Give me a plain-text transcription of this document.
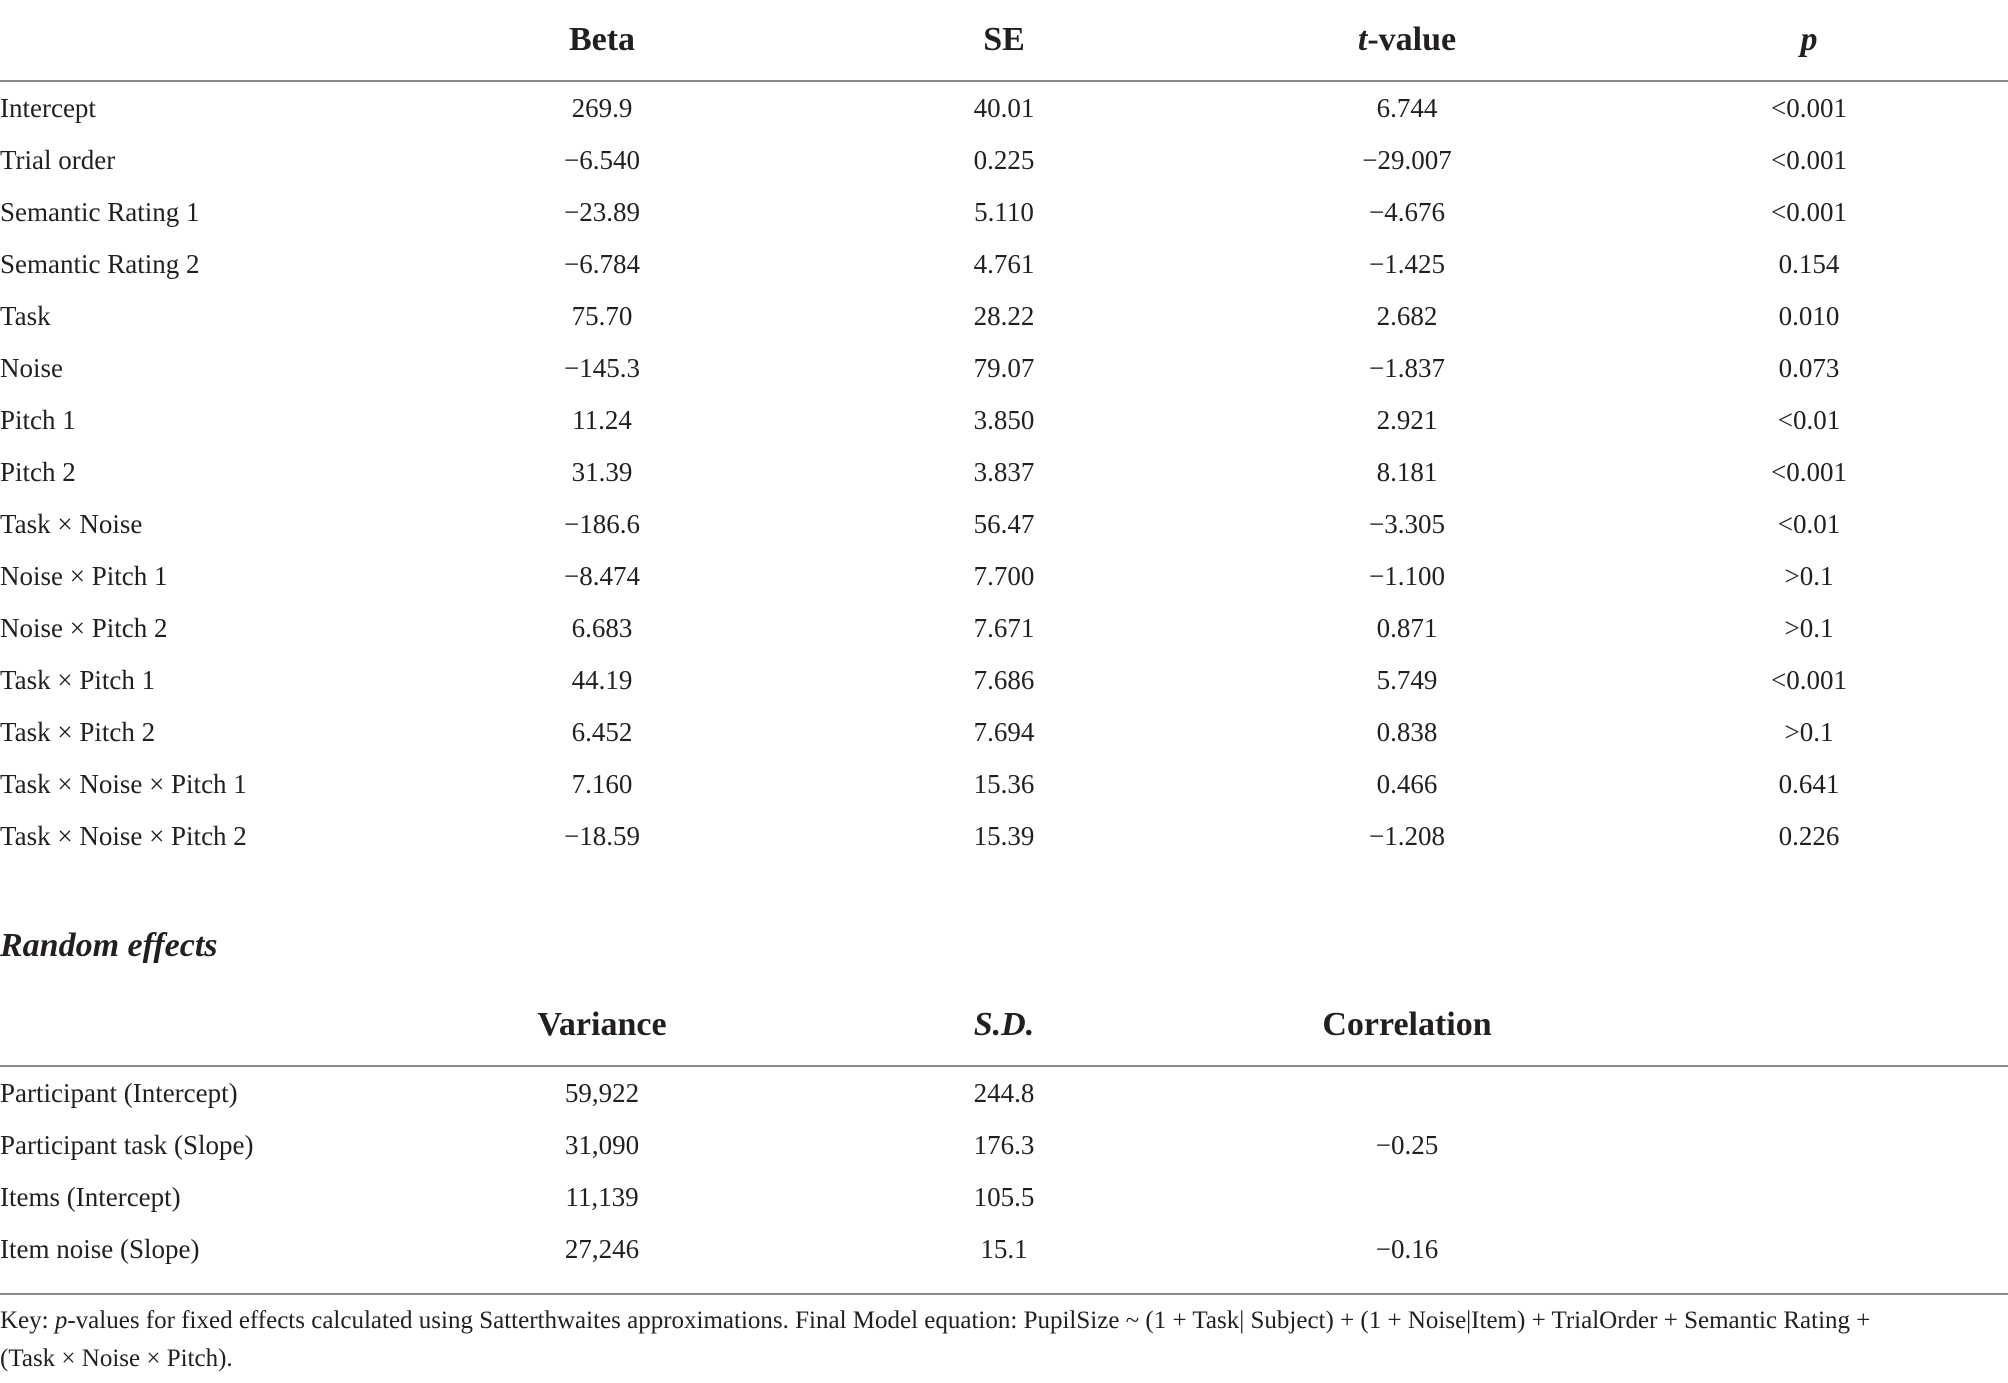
	Beta	SE	t-value	p
Intercept	269.9	40.01	6.744	<0.001
Trial order	−6.540	0.225	−29.007	<0.001
Semantic Rating 1	−23.89	5.110	−4.676	<0.001
Semantic Rating 2	−6.784	4.761	−1.425	0.154
Task	75.70	28.22	2.682	0.010
Noise	−145.3	79.07	−1.837	0.073
Pitch 1	11.24	3.850	2.921	<0.01
Pitch 2	31.39	3.837	8.181	<0.001
Task × Noise	−186.6	56.47	−3.305	<0.01
Noise × Pitch 1	−8.474	7.700	−1.100	>0.1
Noise × Pitch 2	6.683	7.671	0.871	>0.1
Task × Pitch 1	44.19	7.686	5.749	<0.001
Task × Pitch 2	6.452	7.694	0.838	>0.1
Task × Noise × Pitch 1	7.160	15.36	0.466	0.641
Task × Noise × Pitch 2	−18.59	15.39	−1.208	0.226
Random effects
	Variance	S.D.	Correlation	
Participant (Intercept)	59,922	244.8		
Participant task (Slope)	31,090	176.3	−0.25	
Items (Intercept)	11,139	105.5		
Item noise (Slope)	27,246	15.1	−0.16	
Key: p-values for fixed effects calculated using Satterthwaites approximations. Final Model equation: PupilSize ~ (1 + Task| Subject) + (1 + Noise|Item) + TrialOrder + Semantic Rating + (Task × Noise × Pitch).
